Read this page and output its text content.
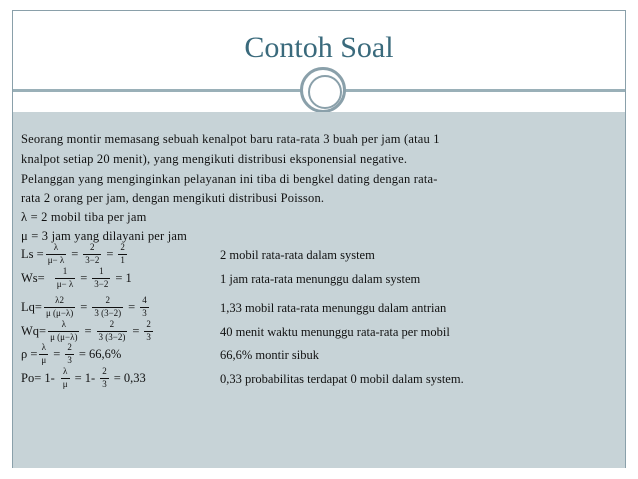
Contoh Soal
Seorang montir memasang sebuah kenalpot baru rata-rata 3 buah per jam (atau 1
knalpot setiap 20 menit), yang mengikuti distribusi eksponensial negative.
Pelanggan yang menginginkan pelayanan ini tiba di bengkel dating dengan rata-
rata 2 orang per jam, dengan mengikuti distribusi Poisson.
λ = 2 mobil tiba per jam
μ = 3 jam yang dilayani per jam
$Ls = \frac{\lambda}{\mu- \lambda} = \frac{2}{3-2} = \frac{2}{1}$	2 mobil rata-rata dalam system
$Ws= \frac{1}{\mu- \lambda} = \frac{1}{3-2} = 1$	1 jam rata-rata menunggu dalam system
$Lq= \frac{\lambda 2}{\mu (\mu-\lambda)} = \frac{2}{3 (3-2)} = \frac{4}{3}$	1,33 mobil rata-rata menunggu dalam antrian
$Wq= \frac{\lambda}{\mu (\mu-\lambda)} = \frac{2}{3 (3-2)} = \frac{2}{3}$	40 menit waktu menunggu rata-rata per mobil
$\rho = \frac{\lambda}{\mu} = \frac{2}{3} = 66,6\%$	66,6% montir sibuk
$Po= 1- \frac{\lambda}{\mu} = 1- \frac{2}{3} = 0,33$	0,33 probabilitas terdapat 0 mobil dalam system.
